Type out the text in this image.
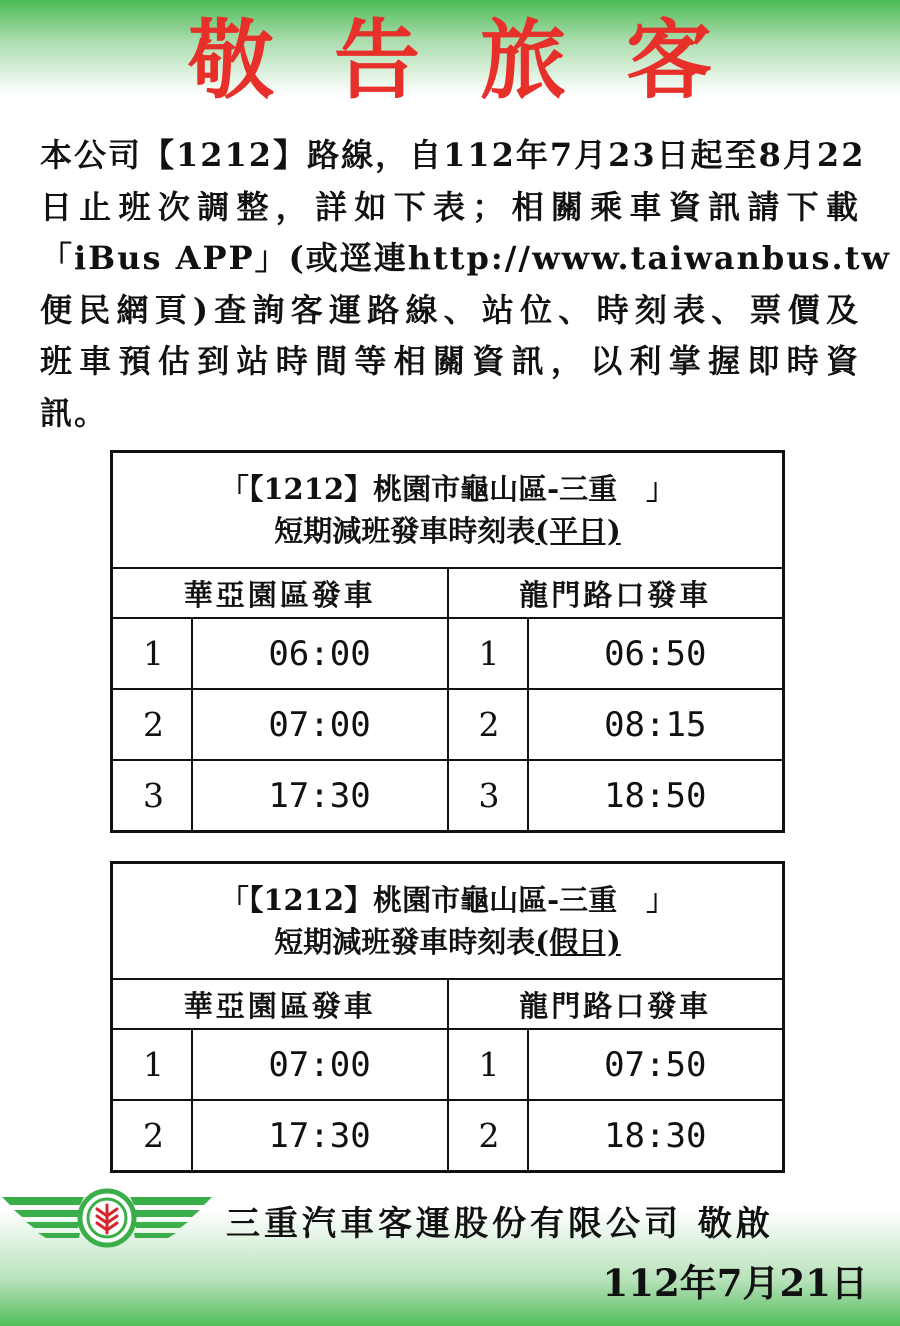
敬告旅客
本公司【1212】路線，自112年7月23日起至8月22
日止班次調整，詳如下表；相關乘車資訊請下載
「iBus APP」(或逕連http://www.taiwanbus.tw
便民網頁)查詢客運路線、站位、時刻表、票價及
班車預估到站時間等相關資訊，以利掌握即時資
訊。
「【1212】桃園市龜山區-三重　」
短期減班發車時刻表(平日)			

華亞園區發車		龍門路口發車	
1	06:00	1	06:50
2	07:00	2	08:15
3	17:30	3	18:50
「【1212】桃園市龜山區-三重　」
短期減班發車時刻表(假日)			

華亞園區發車		龍門路口發車	
1	07:00	1	07:50
2	17:30	2	18:30
三重汽車客運股份有限公司 敬啟
112年7月21日
